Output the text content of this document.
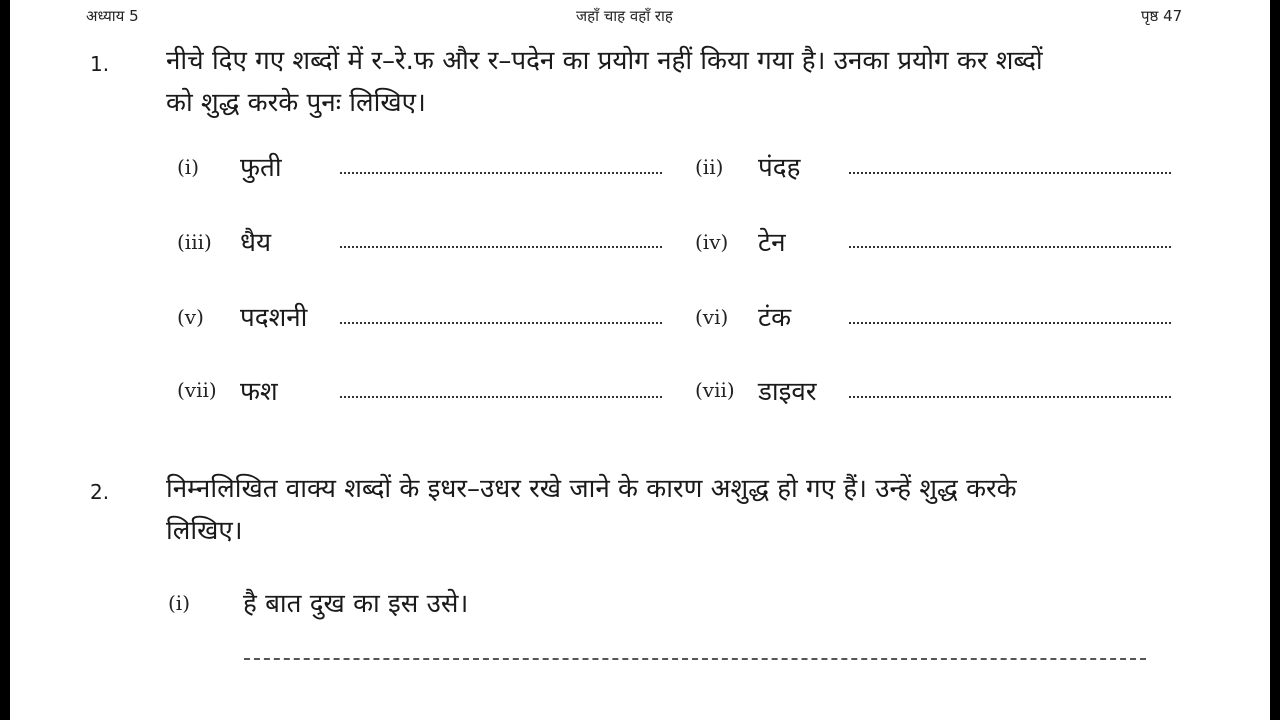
अध्याय 5	जहाँ चाह वहाँ राह	पृष्ठ 47
1. नीचे दिए गए शब्दों में र–रे.फ और र–पदेन का प्रयोग नहीं किया गया है। उनका प्रयोग कर शब्दों
को शुद्ध करके पुनः लिखिए।
(i) फुती	(ii) पंदह
(iii) धैय	(iv) टेन
(v) पदशनी	(vi) टंक
(vii) फश	(vii) डाइवर
2. निम्नलिखित वाक्य शब्दों के इधर–उधर रखे जाने के कारण अशुद्ध हो गए हैं। उन्हें शुद्ध करके
लिखिए।
(i) है बात दुख का इस उसे।
